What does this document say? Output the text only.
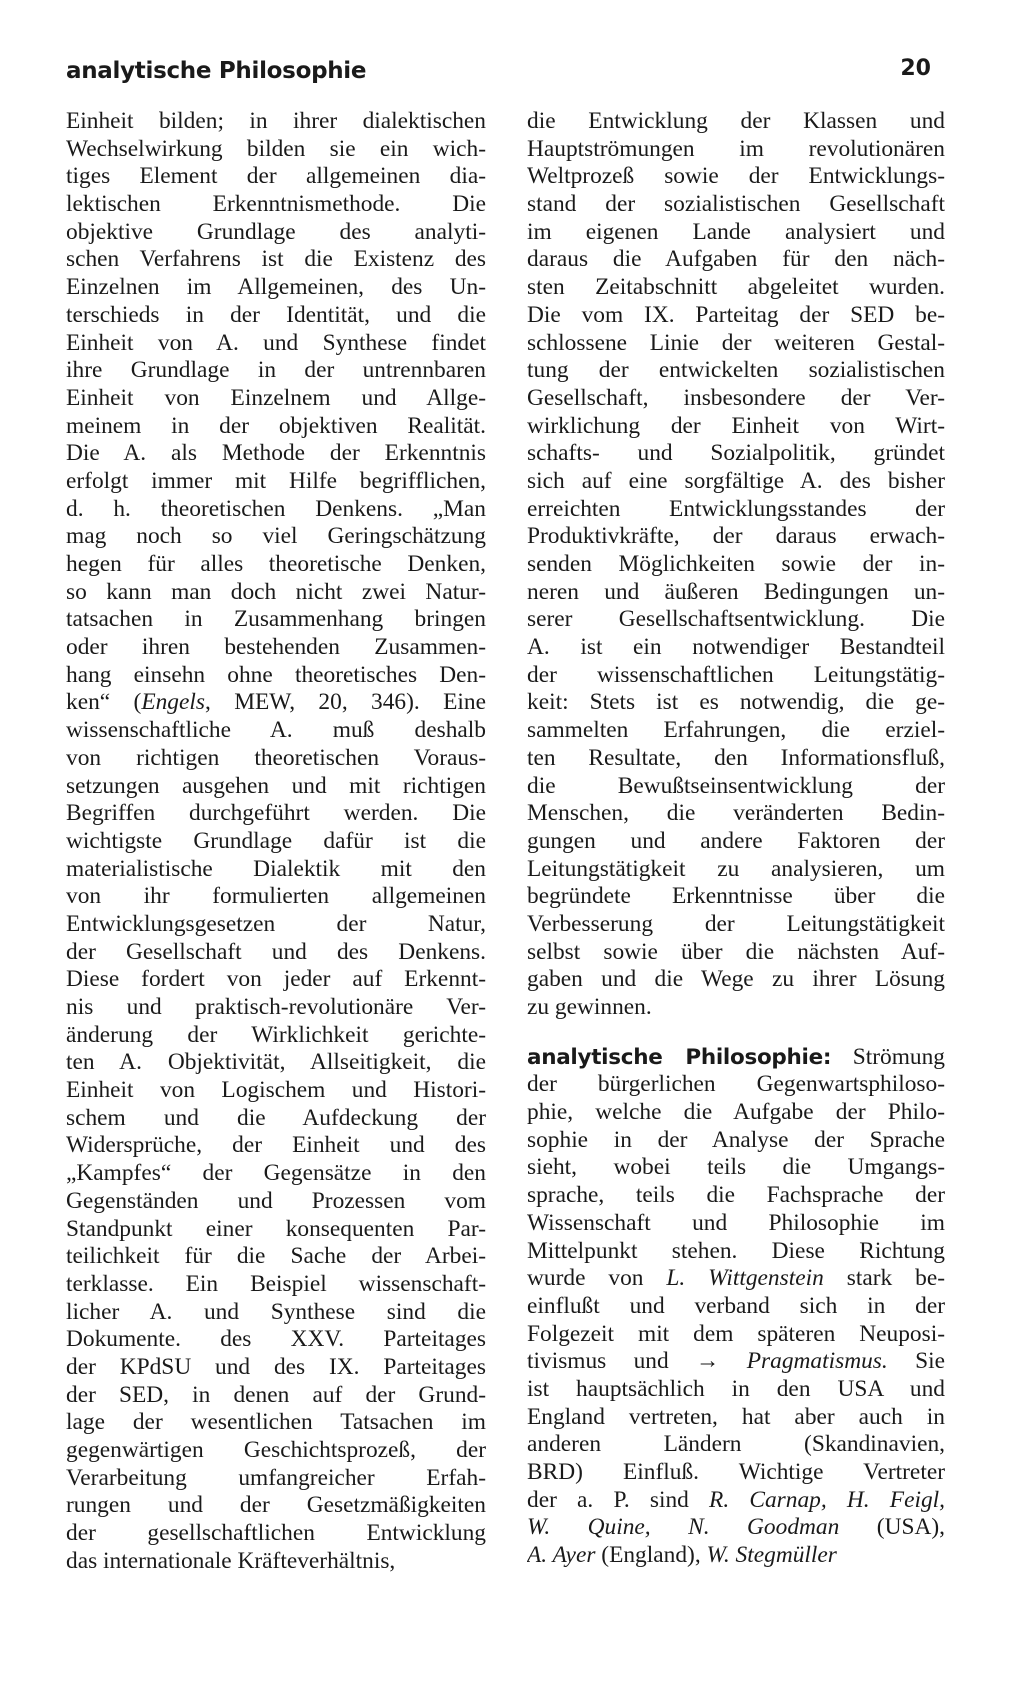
analytische Philosophie	20
Einheit bilden; in ihrer dialektischen
Wechselwirkung bilden sie ein wich-
tiges Element der allgemeinen dia-
lektischen Erkenntnismethode. Die
objektive Grundlage des analyti-
schen Verfahrens ist die Existenz des
Einzelnen im Allgemeinen, des Un-
terschieds in der Identität, und die
Einheit von A. und Synthese findet
ihre Grundlage in der untrennbaren
Einheit von Einzelnem und Allge-
meinem in der objektiven Realität.
Die A. als Methode der Erkenntnis
erfolgt immer mit Hilfe begrifflichen,
d. h. theoretischen Denkens. „Man
mag noch so viel Geringschätzung
hegen für alles theoretische Denken,
so kann man doch nicht zwei Natur-
tatsachen in Zusammenhang bringen
oder ihren bestehenden Zusammen-
hang einsehn ohne theoretisches Den-
ken“ (Engels, MEW, 20, 346). Eine
wissenschaftliche A. muß deshalb
von richtigen theoretischen Voraus-
setzungen ausgehen und mit richtigen
Begriffen durchgeführt werden. Die
wichtigste Grundlage dafür ist die
materialistische Dialektik mit den
von ihr formulierten allgemeinen
Entwicklungsgesetzen der Natur,
der Gesellschaft und des Denkens.
Diese fordert von jeder auf Erkennt-
nis und praktisch-revolutionäre Ver-
änderung der Wirklichkeit gerichte-
ten A. Objektivität, Allseitigkeit, die
Einheit von Logischem und Histori-
schem und die Aufdeckung der
Widersprüche, der Einheit und des
„Kampfes“ der Gegensätze in den
Gegenständen und Prozessen vom
Standpunkt einer konsequenten Par-
teilichkeit für die Sache der Arbei-
terklasse. Ein Beispiel wissenschaft-
licher A. und Synthese sind die
Dokumente. des XXV. Parteitages
der KPdSU und des IX. Parteitages
der SED, in denen auf der Grund-
lage der wesentlichen Tatsachen im
gegenwärtigen Geschichtsprozeß, der
Verarbeitung umfangreicher Erfah-
rungen und der Gesetzmäßigkeiten
der gesellschaftlichen Entwicklung
das internationale Kräfteverhältnis,
die Entwicklung der Klassen und
Hauptströmungen im revolutionären
Weltprozeß sowie der Entwicklungs-
stand der sozialistischen Gesellschaft
im eigenen Lande analysiert und
daraus die Aufgaben für den näch-
sten Zeitabschnitt abgeleitet wurden.
Die vom IX. Parteitag der SED be-
schlossene Linie der weiteren Gestal-
tung der entwickelten sozialistischen
Gesellschaft, insbesondere der Ver-
wirklichung der Einheit von Wirt-
schafts- und Sozialpolitik, gründet
sich auf eine sorgfältige A. des bisher
erreichten Entwicklungsstandes der
Produktivkräfte, der daraus erwach-
senden Möglichkeiten sowie der in-
neren und äußeren Bedingungen un-
serer Gesellschaftsentwicklung. Die
A. ist ein notwendiger Bestandteil
der wissenschaftlichen Leitungstätig-
keit: Stets ist es notwendig, die ge-
sammelten Erfahrungen, die erziel-
ten Resultate, den Informationsfluß,
die Bewußtseinsentwicklung der
Menschen, die veränderten Bedin-
gungen und andere Faktoren der
Leitungstätigkeit zu analysieren, um
begründete Erkenntnisse über die
Verbesserung der Leitungstätigkeit
selbst sowie über die nächsten Auf-
gaben und die Wege zu ihrer Lösung
zu gewinnen.
analytische Philosophie: Strömung
der bürgerlichen Gegenwartsphiloso-
phie, welche die Aufgabe der Philo-
sophie in der Analyse der Sprache
sieht, wobei teils die Umgangs-
sprache, teils die Fachsprache der
Wissenschaft und Philosophie im
Mittelpunkt stehen. Diese Richtung
wurde von L. Wittgenstein stark be-
einflußt und verband sich in der
Folgezeit mit dem späteren Neuposi-
tivismus und → Pragmatismus. Sie
ist hauptsächlich in den USA und
England vertreten, hat aber auch in
anderen Ländern (Skandinavien,
BRD) Einfluß. Wichtige Vertreter
der a. P. sind R. Carnap, H. Feigl,
W. Quine, N. Goodman (USA),
A. Ayer (England), W. Stegmüller
